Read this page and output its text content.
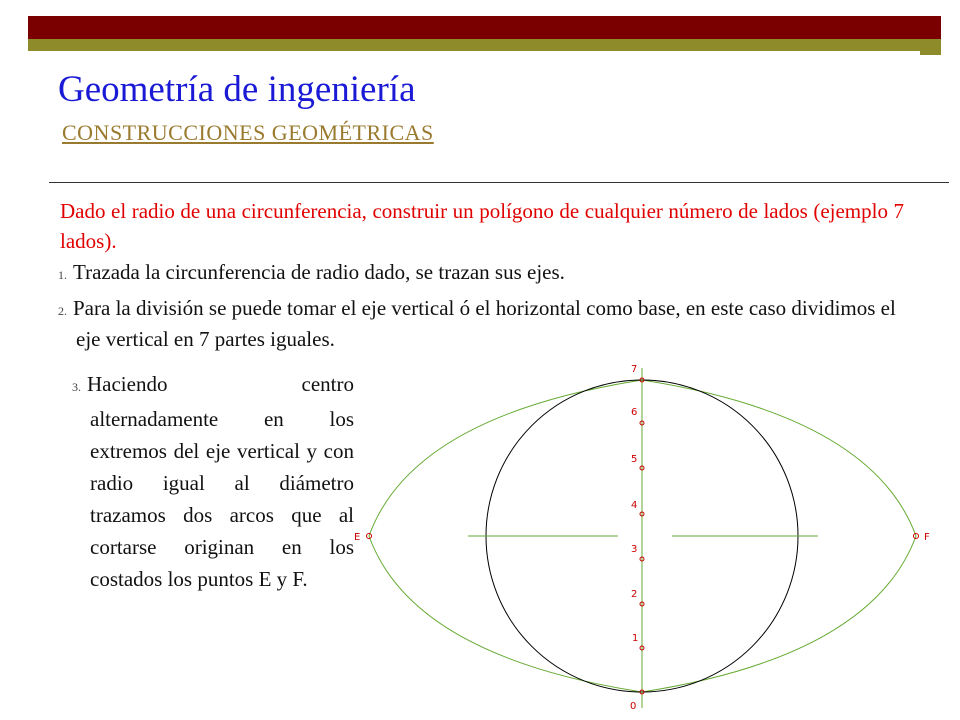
Geometría de ingeniería
CONSTRUCCIONES GEOMÉTRICAS

Dado el radio de una circunferencia, construir un polígono de cualquier número de lados (ejemplo 7 lados).

1. Trazada la circunferencia de radio dado, se trazan sus ejes.
2. Para la división se puede tomar el eje vertical ó el horizontal como base, en este caso dividimos el eje vertical en 7 partes iguales.
3. Haciendo centro alternadamente en los extremos del eje vertical y con radio igual al diámetro trazamos dos arcos que al cortarse originan en los costados los puntos E y F.
0
1
2
3
4
5
6
7
E	F
